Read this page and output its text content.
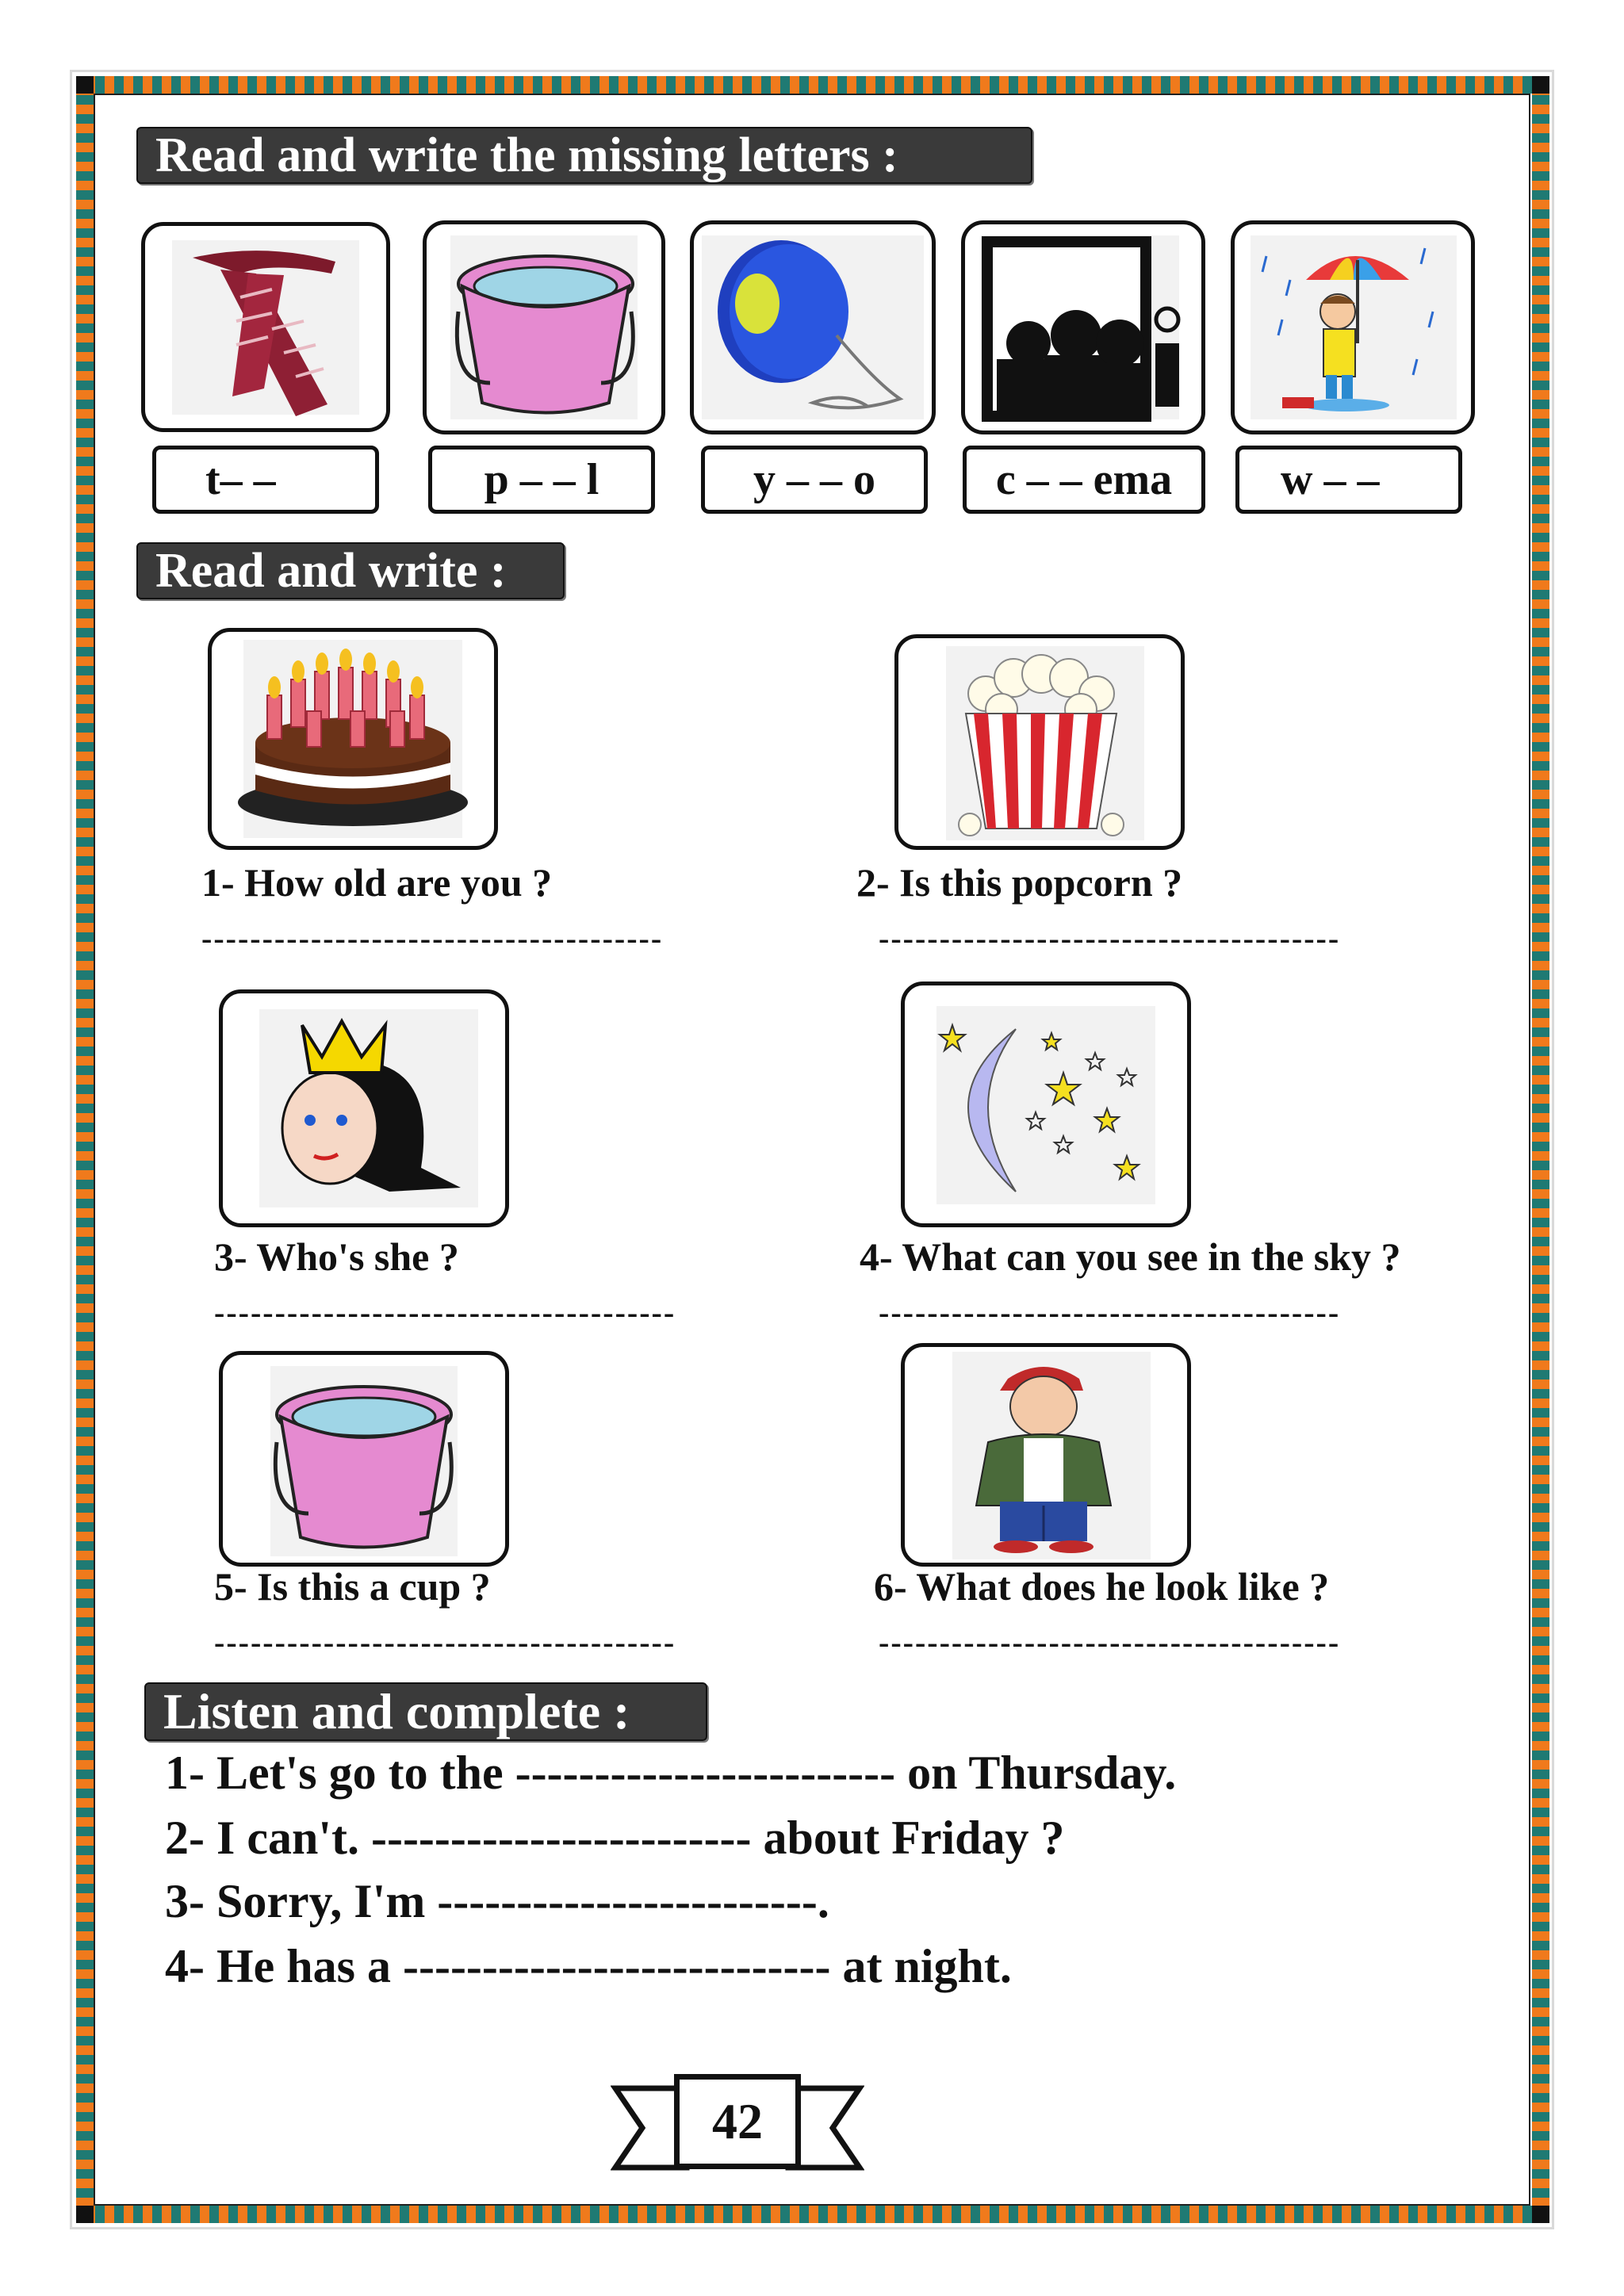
Read and write the missing letters :
t– –	p – – l	y – – o	c – – ema w – –
Read and write :
1- How old are you ?
--------------------------------------
2- Is this popcorn ?
--------------------------------------
3- Who's she ?
--------------------------------------
4- What can you see in the sky ?
--------------------------------------
5- Is this a cup ?
--------------------------------------
6- What does he look like ?
--------------------------------------
Listen and complete :
1- Let's go to the ------------------------ on Thursday.
2- I can't. ------------------------ about Friday ?
3- Sorry, I'm ------------------------.
4- He has a --------------------------- at night.
42
